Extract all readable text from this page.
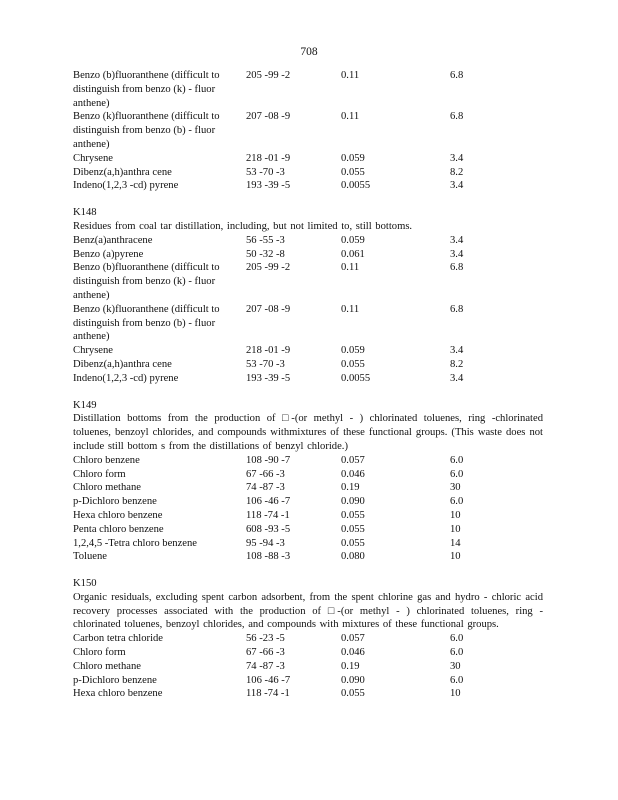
708
Benzo (b)fluoranthene (difficult to distinguish from benzo (k) - fluor anthene)
205 -99 -2	0.11	6.8
Benzo (k)fluoranthene (difficult to distinguish from benzo (b) - fluor anthene)
207 -08 -9	0.11	6.8
Chrysene	218 -01 -9	0.059	3.4
Dibenz(a,h)anthra cene	53 -70 -3	0.055	8.2
Indeno(1,2,3 -cd) pyrene	193 -39 -5	0.0055	3.4
K148
Residues from coal tar distillation, including, but not limited to, still bottoms.
Benz(a)anthracene	56 -55 -3	0.059	3.4
Benzo (a)pyrene	50 -32 -8	0.061	3.4
Benzo (b)fluoranthene (difficult to distinguish from benzo (k) - fluor anthene)
205 -99 -2	0.11	6.8
Benzo (k)fluoranthene (difficult to distinguish from benzo (b) - fluor anthene)
207 -08 -9	0.11	6.8
Chrysene	218 -01 -9	0.059	3.4
Dibenz(a,h)anthra cene	53 -70 -3	0.055	8.2
Indeno(1,2,3 -cd) pyrene	193 -39 -5	0.0055	3.4
K149
Distillation bottoms from the production of □-(or methyl - ) chlorinated toluenes, ring -chlorinated toluenes, benzoyl chlorides, and compounds withmixtures of these functional groups. (This waste does not include still bottom s from the distillations of benzyl chloride.)
Chloro benzene	108 -90 -7	0.057	6.0
Chloro form	67 -66 -3	0.046	6.0
Chloro methane	74 -87 -3	0.19	30
p-Dichloro benzene	106 -46 -7	0.090	6.0
Hexa chloro benzene	118 -74 -1	0.055	10
Penta chloro benzene	608 -93 -5	0.055	10
1,2,4,5 -Tetra chloro benzene	95 -94 -3	0.055	14
Toluene	108 -88 -3	0.080	10
K150
Organic residuals, excluding spent carbon adsorbent, from the spent chlorine gas and hydro - chloric acid recovery processes associated with the production of □-(or methyl - ) chlorinated toluenes, ring -chlorinated toluenes, benzoyl chlorides, and compounds with mixtures of these functional groups.
Carbon tetra chloride	56 -23 -5	0.057	6.0
Chloro form	67 -66 -3	0.046	6.0
Chloro methane	74 -87 -3	0.19	30
p-Dichloro benzene	106 -46 -7	0.090	6.0
Hexa chloro benzene	118 -74 -1	0.055	10
